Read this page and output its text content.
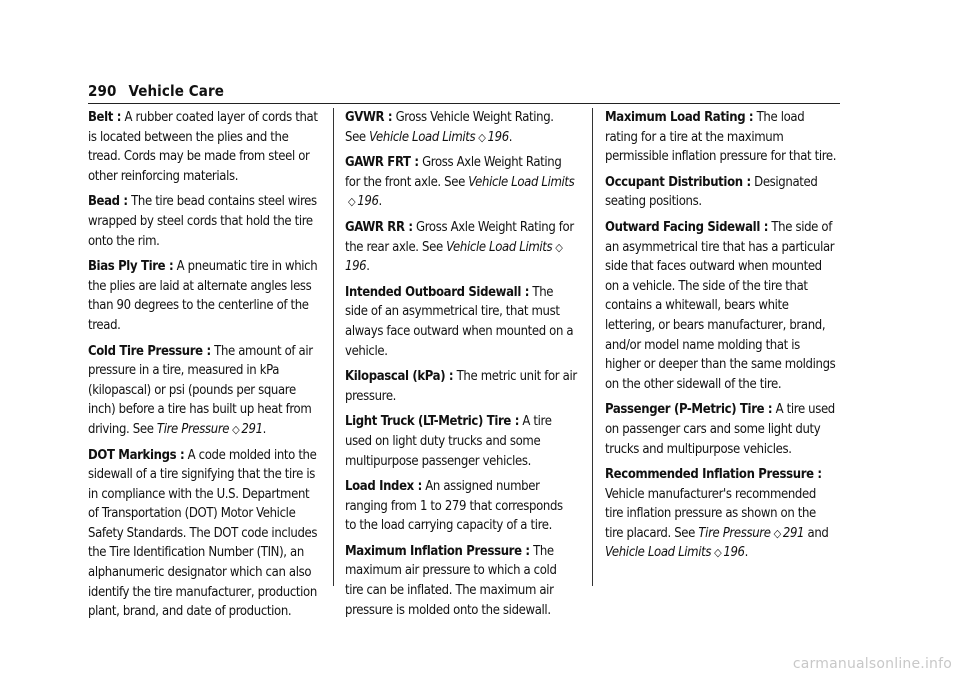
290 Vehicle Care

Belt : A rubber coated layer of cords that is located between the plies and the tread. Cords may be made from steel or other reinforcing materials.

Bead : The tire bead contains steel wires wrapped by steel cords that hold the tire onto the rim.

Bias Ply Tire : A pneumatic tire in which the plies are laid at alternate angles less than 90 degrees to the centerline of the tread.

Cold Tire Pressure : The amount of air pressure in a tire, measured in kPa (kilopascal) or psi (pounds per square inch) before a tire has built up heat from driving. See Tire Pressure ◇ 291.

DOT Markings : A code molded into the sidewall of a tire signifying that the tire is in compliance with the U.S. Department of Transportation (DOT) Motor Vehicle Safety Standards. The DOT code includes the Tire Identification Number (TIN), an alphanumeric designator which can also identify the tire manufacturer, production plant, brand, and date of production.

GVWR : Gross Vehicle Weight Rating. See Vehicle Load Limits ◇ 196.

GAWR FRT : Gross Axle Weight Rating for the front axle. See Vehicle Load Limits◇ 196.

GAWR RR : Gross Axle Weight Rating for the rear axle. See Vehicle Load Limits ◇196.

Intended Outboard Sidewall : The side of an asymmetrical tire, that must always face outward when mounted on a vehicle.

Kilopascal (kPa) : The metric unit for air pressure.

Light Truck (LT-Metric) Tire : A tire used on light duty trucks and some multipurpose passenger vehicles.

Load Index : An assigned number ranging from 1 to 279 that corresponds to the load carrying capacity of a tire.

Maximum Inflation Pressure : The maximum air pressure to which a cold tire can be inflated. The maximum air pressure is molded onto the sidewall.

Maximum Load Rating : The load rating for a tire at the maximum permissible inflation pressure for that tire.

Occupant Distribution : Designated seating positions.

Outward Facing Sidewall : The side of an asymmetrical tire that has a particular side that faces outward when mounted on a vehicle. The side of the tire that contains a whitewall, bears white lettering, or bears manufacturer, brand, and/or model name molding that is higher or deeper than the same moldings on the other sidewall of the tire.

Passenger (P-Metric) Tire : A tire used on passenger cars and some light duty trucks and multipurpose vehicles.

Recommended Inflation Pressure : Vehicle manufacturer's recommended tire inflation pressure as shown on the tire placard. See Tire Pressure ◇ 291 and Vehicle Load Limits ◇ 196.

carmanualsonline.info
